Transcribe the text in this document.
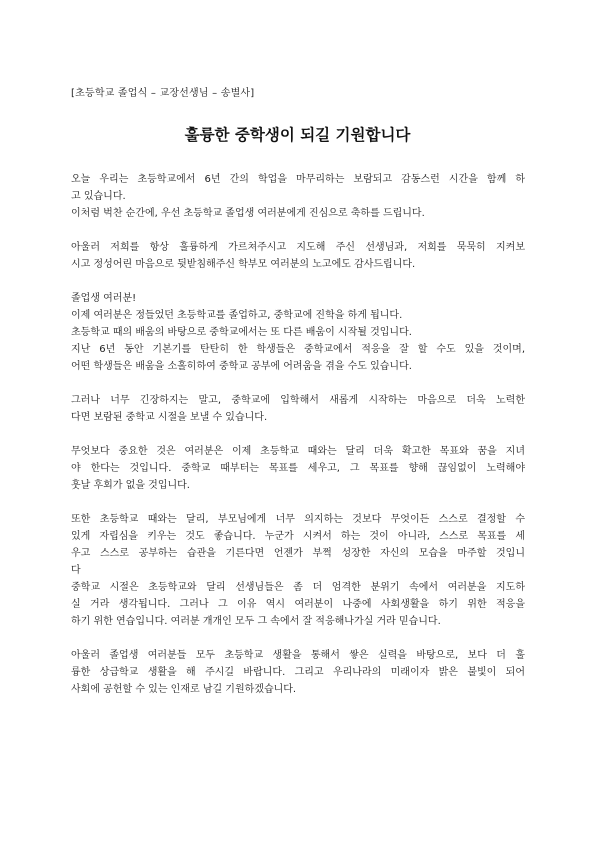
[초등학교 졸업식 – 교장선생님 – 송별사]
훌륭한 중학생이 되길 기원합니다
오늘 우리는 초등학교에서 6년 간의 학업을 마무리하는 보람되고 감동스런 시간을 함께 하
고 있습니다.
이처럼 벅찬 순간에, 우선 초등학교 졸업생 여러분에게 진심으로 축하를 드립니다.
아울러 저희를 항상 훌륭하게 가르쳐주시고 지도해 주신 선생님과, 저희를 묵묵히 지켜보
시고 정성어린 마음으로 뒷받침해주신 학부모 여러분의 노고에도 감사드립니다.
졸업생 여러분!
이제 여러분은 정들었던 초등학교를 졸업하고, 중학교에 진학을 하게 됩니다.
초등학교 때의 배움의 바탕으로 중학교에서는 또 다른 배움이 시작될 것입니다.
지난 6년 동안 기본기를 탄탄히 한 학생들은 중학교에서 적응을 잘 할 수도 있을 것이며,
어떤 학생들은 배움을 소홀히하여 중학교 공부에 어려움을 겪을 수도 있습니다.
그러나 너무 긴장하지는 말고, 중학교에 입학해서 새롭게 시작하는 마음으로 더욱 노력한
다면 보람된 중학교 시절을 보낼 수 있습니다.
무엇보다 중요한 것은 여러분은 이제 초등학교 때와는 달리 더욱 확고한 목표와 꿈을 지녀
야 한다는 것입니다. 중학교 때부터는 목표를 세우고, 그 목표를 향해 끊임없이 노력해야
훗날 후회가 없을 것입니다.
또한 초등학교 때와는 달리, 부모님에게 너무 의지하는 것보다 무엇이든 스스로 결정할 수
있게 자립심을 키우는 것도 좋습니다. 누군가 시켜서 하는 것이 아니라, 스스로 목표를 세
우고 스스로 공부하는 습관을 기른다면 언젠가 부쩍 성장한 자신의 모습을 마주할 것입니
다
중학교 시절은 초등학교와 달리 선생님들은 좀 더 엄격한 분위기 속에서 여러분을 지도하
실 거라 생각됩니다. 그러나 그 이유 역시 여러분이 나중에 사회생활을 하기 위한 적응을
하기 위한 연습입니다. 여러분 개개인 모두 그 속에서 잘 적응해나가실 거라 믿습니다.
아울러 졸업생 여러분들 모두 초등학교 생활을 통해서 쌓은 실력을 바탕으로, 보다 더 훌
륭한 상급학교 생활을 해 주시길 바랍니다. 그리고 우리나라의 미래이자 밝은 불빛이 되어
사회에 공헌할 수 있는 인재로 남길 기원하겠습니다.
